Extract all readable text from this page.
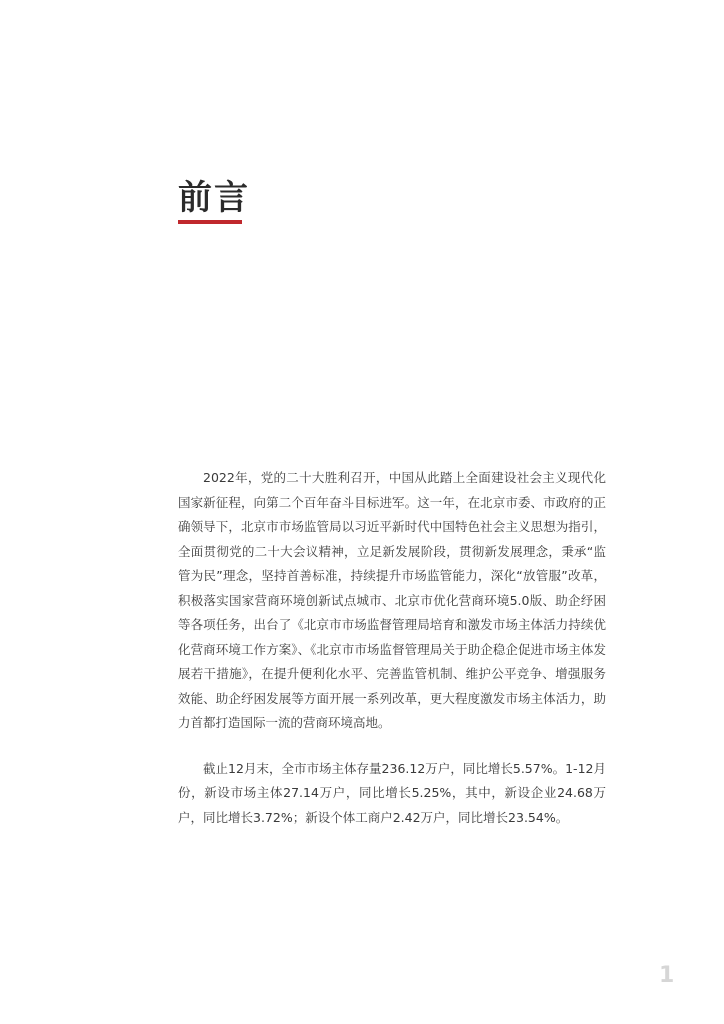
前言

2022年，党的二十大胜利召开，中国从此踏上全面建设社会主义现代化国家新征程，向第二个百年奋斗目标进军。这一年，在北京市委、市政府的正确领导下，北京市市场监管局以习近平新时代中国特色社会主义思想为指引，全面贯彻党的二十大会议精神，立足新发展阶段，贯彻新发展理念，秉承“监管为民”理念，坚持首善标准，持续提升市场监管能力，深化“放管服”改革，积极落实国家营商环境创新试点城市、北京市优化营商环境5.0版、助企纾困等各项任务，出台了《北京市市场监督管理局培育和激发市场主体活力持续优化营商环境工作方案》、《北京市市场监督管理局关于助企稳企促进市场主体发展若干措施》，在提升便利化水平、完善监管机制、维护公平竞争、增强服务效能、助企纾困发展等方面开展一系列改革，更大程度激发市场主体活力，助力首都打造国际一流的营商环境高地。

截止12月末，全市市场主体存量236.12万户，同比增长5.57%。1-12月份，新设市场主体27.14万户，同比增长5.25%，其中，新设企业24.68万户，同比增长3.72%；新设个体工商户2.42万户，同比增长23.54%。

1
